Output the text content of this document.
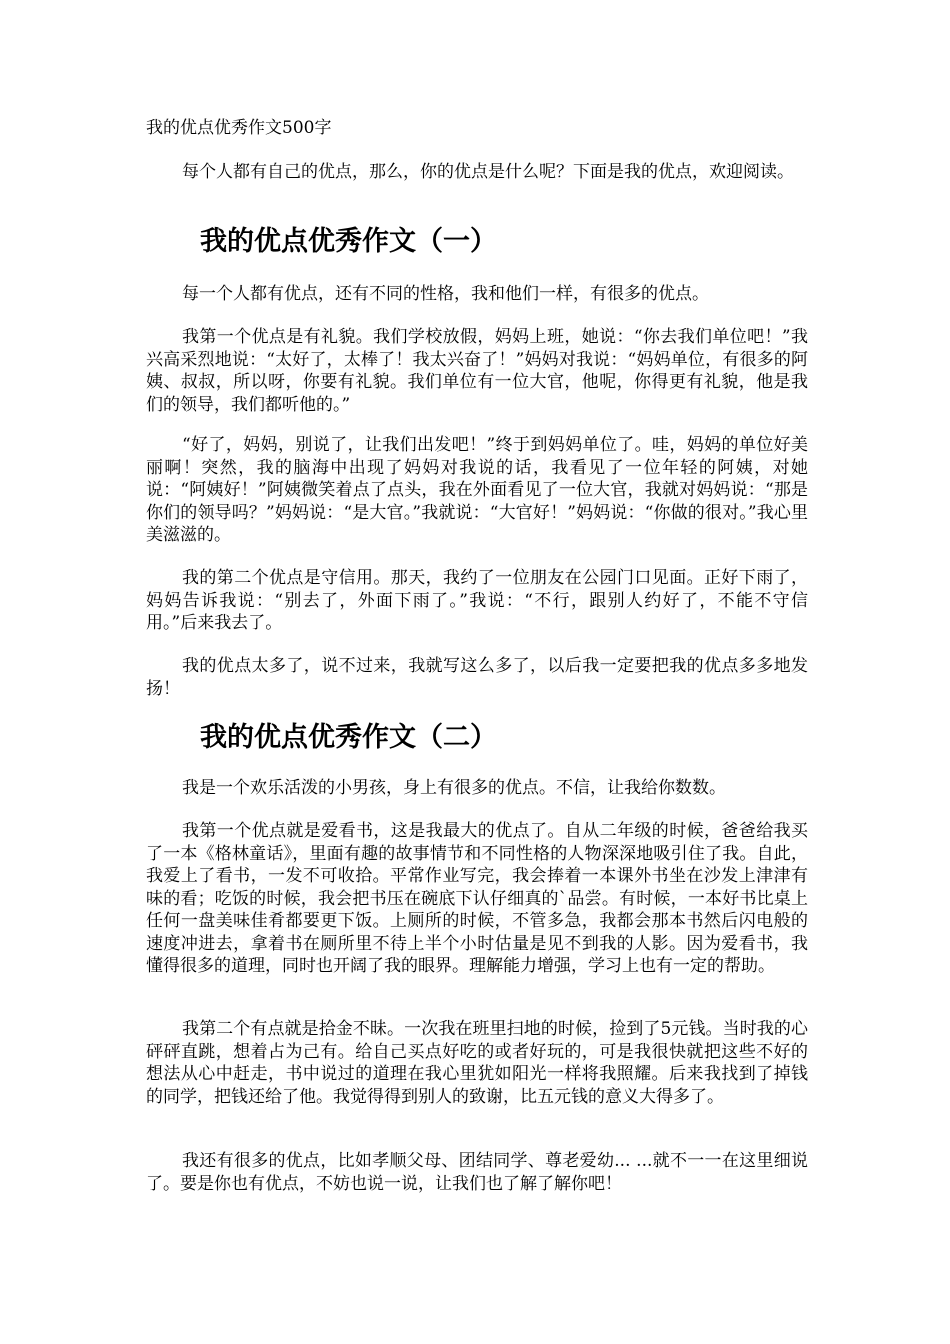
我的优点优秀作文500字

每个人都有自己的优点，那么，你的优点是什么呢？下面是我的优点，欢迎阅读。

我的优点优秀作文（一）

每一个人都有优点，还有不同的性格，我和他们一样，有很多的优点。

我第一个优点是有礼貌。我们学校放假，妈妈上班，她说：“你去我们单位吧！”我兴高采烈地说：“太好了，太棒了！我太兴奋了！”妈妈对我说：“妈妈单位，有很多的阿姨、叔叔，所以呀，你要有礼貌。我们单位有一位大官，他呢，你得更有礼貌，他是我们的领导，我们都听他的。”

“好了，妈妈，别说了，让我们出发吧！”终于到妈妈单位了。哇，妈妈的单位好美丽啊！突然，我的脑海中出现了妈妈对我说的话，我看见了一位年轻的阿姨，对她说：“阿姨好！”阿姨微笑着点了点头，我在外面看见了一位大官，我就对妈妈说：“那是你们的领导吗？”妈妈说：“是大官。”我就说：“大官好！”妈妈说：“你做的很对。”我心里美滋滋的。

我的第二个优点是守信用。那天，我约了一位朋友在公园门口见面。正好下雨了，妈妈告诉我说：“别去了，外面下雨了。”我说：“不行，跟别人约好了，不能不守信用。”后来我去了。

我的优点太多了，说不过来，我就写这么多了，以后我一定要把我的优点多多地发扬！

我的优点优秀作文（二）

我是一个欢乐活泼的小男孩，身上有很多的优点。不信，让我给你数数。

我第一个优点就是爱看书，这是我最大的优点了。自从二年级的时候，爸爸给我买了一本《格林童话》，里面有趣的故事情节和不同性格的人物深深地吸引住了我。自此，我爱上了看书，一发不可收拾。平常作业写完，我会捧着一本课外书坐在沙发上津津有味的看；吃饭的时候，我会把书压在碗底下认仔细真的`品尝。有时候，一本好书比桌上任何一盘美味佳肴都要更下饭。上厕所的时候，不管多急，我都会那本书然后闪电般的速度冲进去，拿着书在厕所里不待上半个小时估量是见不到我的人影。因为爱看书，我懂得很多的道理，同时也开阔了我的眼界。理解能力增强，学习上也有一定的帮助。

我第二个有点就是拾金不昧。一次我在班里扫地的时候，捡到了5元钱。当时我的心砰砰直跳，想着占为己有。给自己买点好吃的或者好玩的，可是我很快就把这些不好的想法从心中赶走，书中说过的道理在我心里犹如阳光一样将我照耀。后来我找到了掉钱的同学，把钱还给了他。我觉得得到别人的致谢，比五元钱的意义大得多了。

我还有很多的优点，比如孝顺父母、团结同学、尊老爱幼... ...就不一一在这里细说了。要是你也有优点，不妨也说一说，让我们也了解了解你吧！
